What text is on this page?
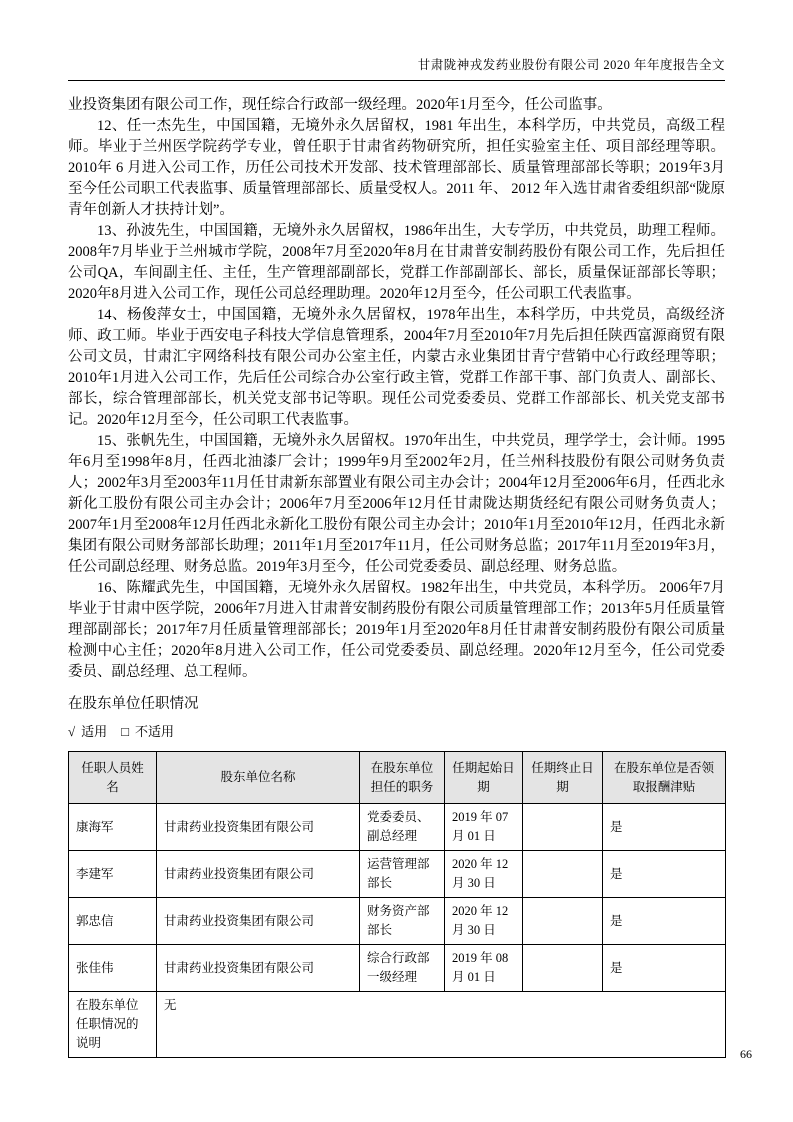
甘肃陇神戎发药业股份有限公司 2020 年年度报告全文

业投资集团有限公司工作，现任综合行政部一级经理。2020年1月至今，任公司监事。

12、任一杰先生，中国国籍，无境外永久居留权，1981 年出生，本科学历，中共党员，高级工程师。毕业于兰州医学院药学专业，曾任职于甘肃省药物研究所，担任实验室主任、项目部经理等职。2010年 6 月进入公司工作，历任公司技术开发部、技术管理部部长、质量管理部部长等职；2019年3月至今任公司职工代表监事、质量管理部部长、质量受权人。2011 年、 2012 年入选甘肃省委组织部“陇原青年创新人才扶持计划”。

13、孙波先生，中国国籍，无境外永久居留权，1986年出生，大专学历，中共党员，助理工程师。2008年7月毕业于兰州城市学院，2008年7月至2020年8月在甘肃普安制药股份有限公司工作，先后担任公司QA，车间副主任、主任，生产管理部副部长，党群工作部副部长、部长，质量保证部部长等职；2020年8月进入公司工作，现任公司总经理助理。2020年12月至今，任公司职工代表监事。

14、杨俊萍女士，中国国籍，无境外永久居留权，1978年出生，本科学历，中共党员，高级经济师、政工师。毕业于西安电子科技大学信息管理系，2004年7月至2010年7月先后担任陕西富源商贸有限公司文员，甘肃汇宇网络科技有限公司办公室主任，内蒙古永业集团甘青宁营销中心行政经理等职；2010年1月进入公司工作，先后任公司综合办公室行政主管，党群工作部干事、部门负责人、副部长、部长，综合管理部部长，机关党支部书记等职。现任公司党委委员、党群工作部部长、机关党支部书记。2020年12月至今，任公司职工代表监事。

15、张帆先生，中国国籍，无境外永久居留权。1970年出生，中共党员，理学学士，会计师。1995年6月至1998年8月，任西北油漆厂会计；1999年9月至2002年2月，任兰州科技股份有限公司财务负责人；2002年3月至2003年11月任甘肃新东部置业有限公司主办会计；2004年12月至2006年6月，任西北永新化工股份有限公司主办会计；2006年7月至2006年12月任甘肃陇达期货经纪有限公司财务负责人；2007年1月至2008年12月任西北永新化工股份有限公司主办会计；2010年1月至2010年12月，任西北永新集团有限公司财务部部长助理；2011年1月至2017年11月，任公司财务总监；2017年11月至2019年3月，任公司副总经理、财务总监。2019年3月至今，任公司党委委员、副总经理、财务总监。

16、陈耀武先生，中国国籍，无境外永久居留权。1982年出生，中共党员，本科学历。 2006年7月毕业于甘肃中医学院，2006年7月进入甘肃普安制药股份有限公司质量管理部工作；2013年5月任质量管理部副部长；2017年7月任质量管理部部长；2019年1月至2020年8月任甘肃普安制药股份有限公司质量检测中心主任；2020年8月进入公司工作，任公司党委委员、副总经理。2020年12月至今，任公司党委委员、副总经理、总工程师。

在股东单位任职情况
√ 适用 □ 不适用
任职人员姓名	股东单位名称	在股东单位担任的职务	任期起始日期	任期终止日期	在股东单位是否领取报酬津贴
康海军	甘肃药业投资集团有限公司	党委委员、副总经理	2019 年 07 月 01 日		是
李建军	甘肃药业投资集团有限公司	运营管理部部长	2020 年 12 月 30 日		是
郭忠信	甘肃药业投资集团有限公司	财务资产部部长	2020 年 12 月 30 日		是
张佳伟	甘肃药业投资集团有限公司	综合行政部一级经理	2019 年 08 月 01 日		是
在股东单位任职情况的说明	无				
66
